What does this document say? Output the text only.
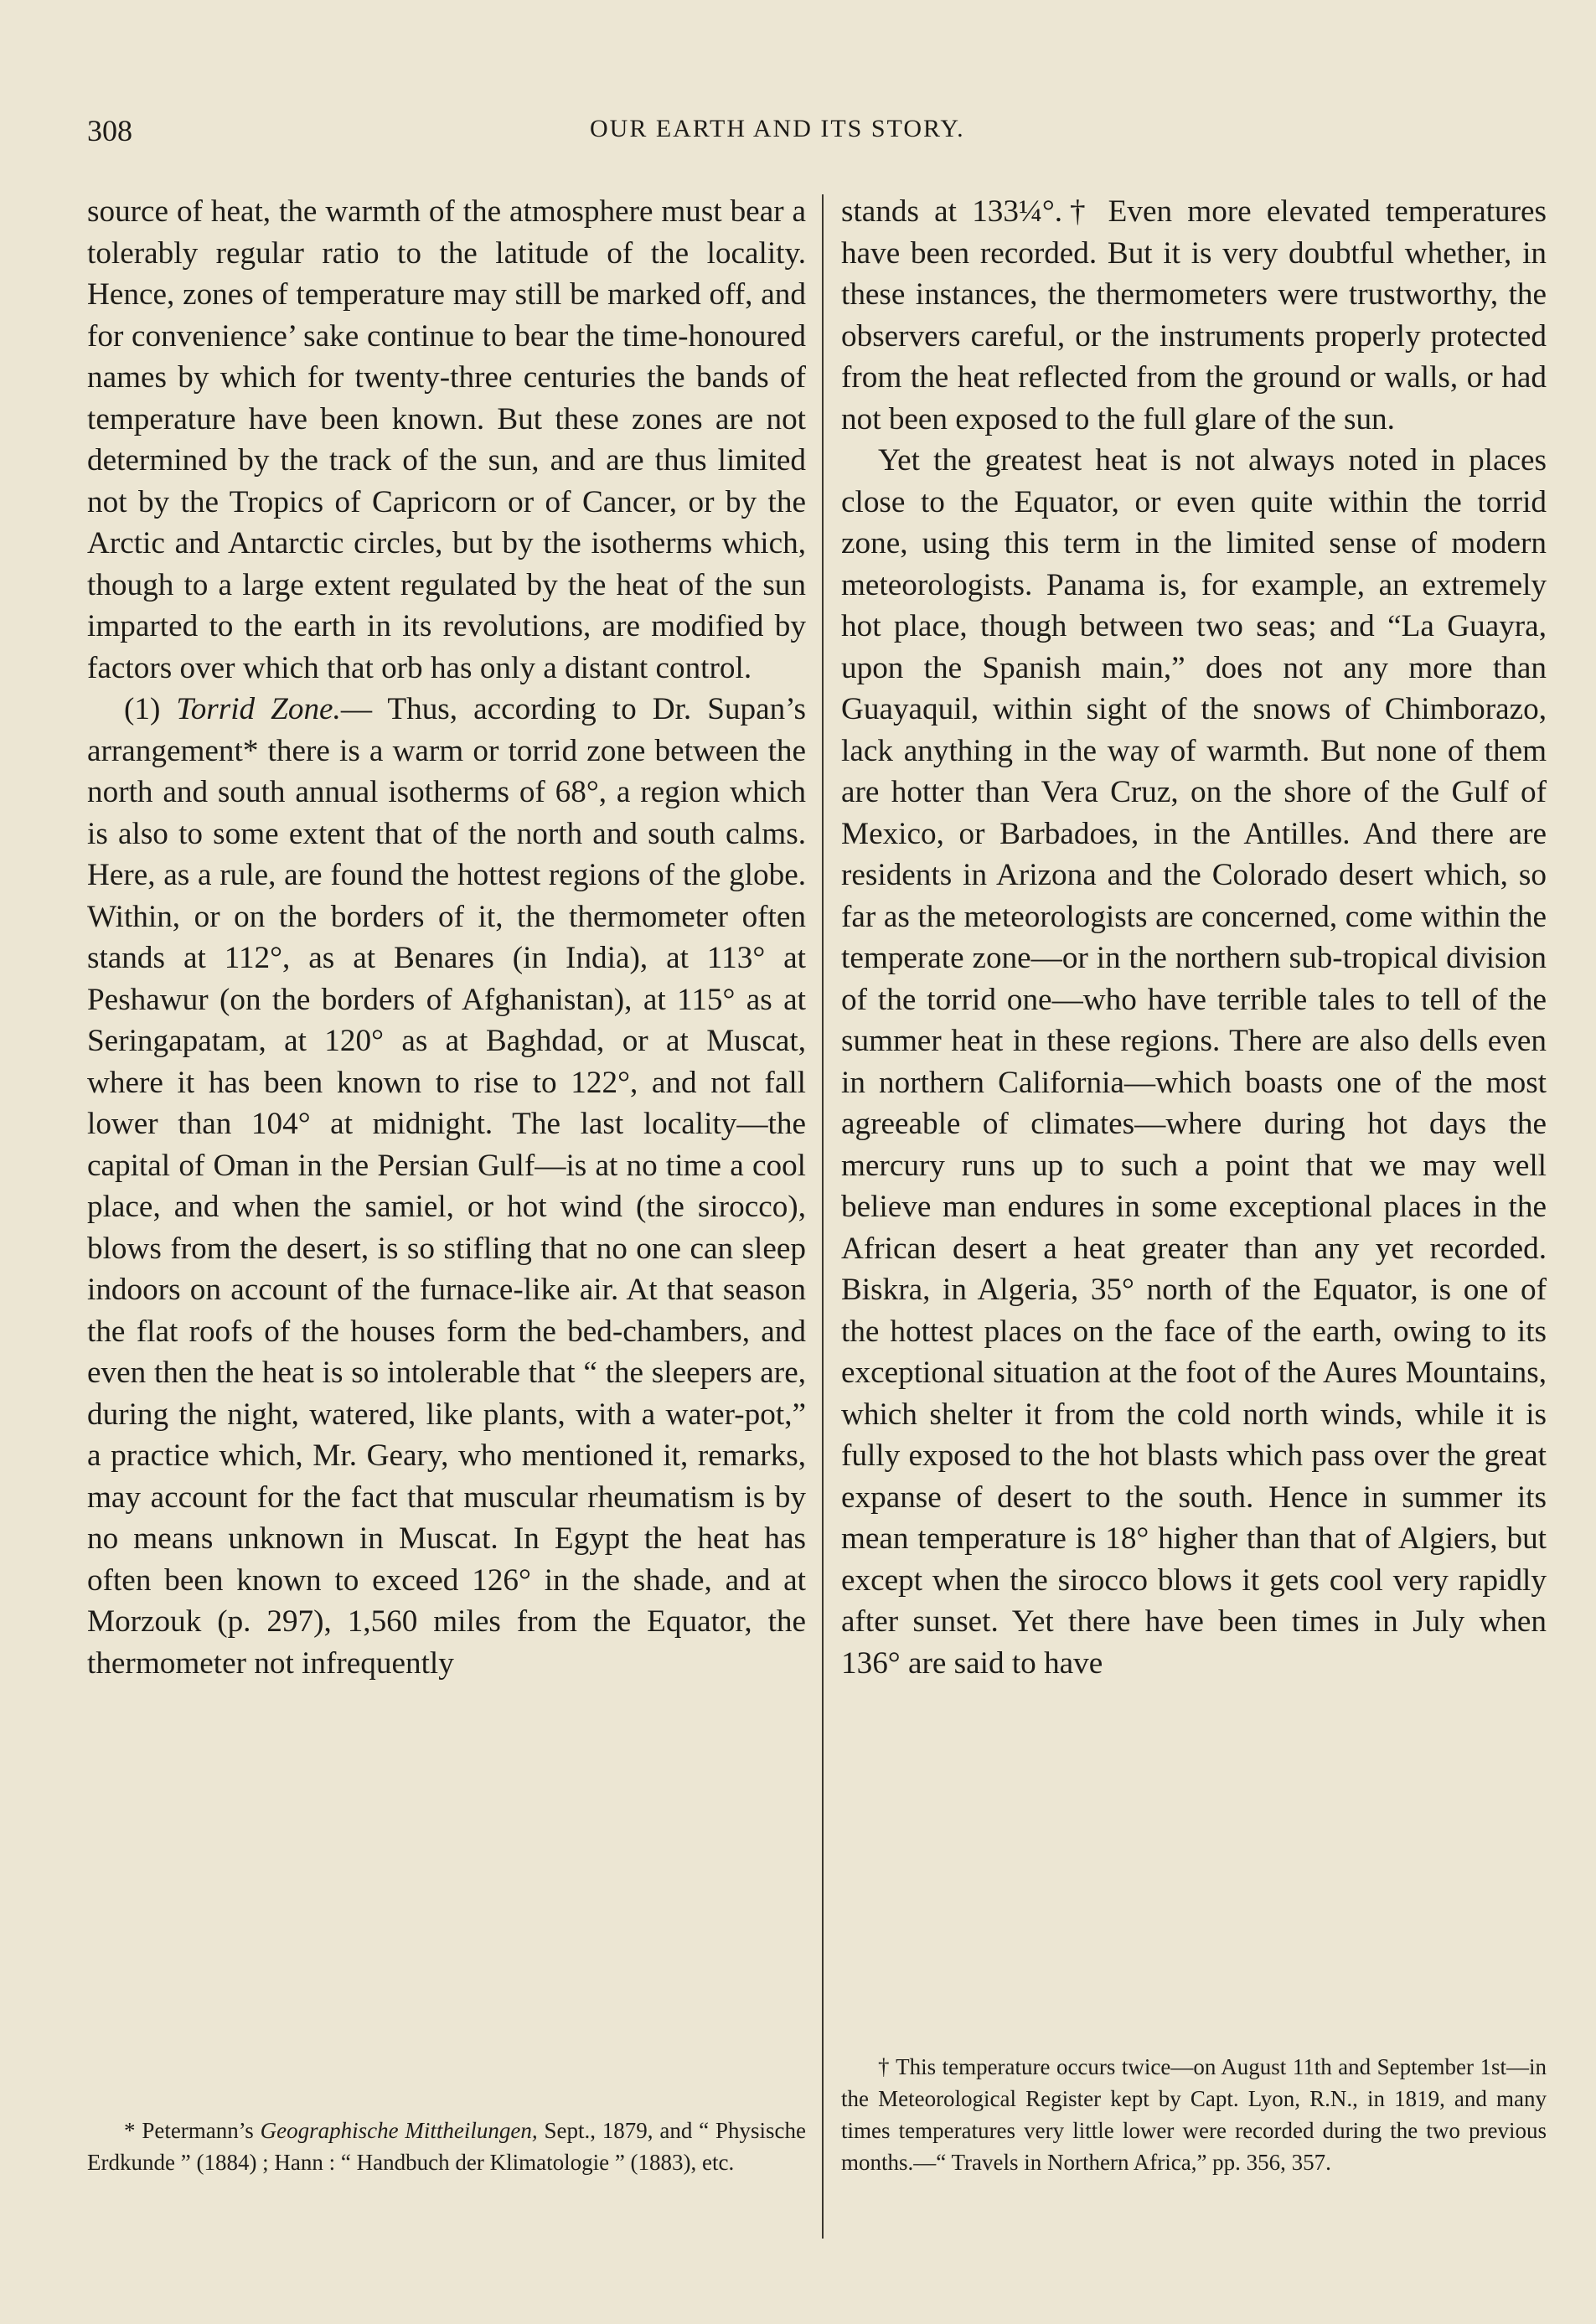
308	OUR EARTH AND ITS STORY.

source of heat, the warmth of the atmosphere must bear a tolerably regular ratio to the latitude of the locality. Hence, zones of temperature may still be marked off, and for convenience’ sake continue to bear the time-honoured names by which for twenty-three centuries the bands of temperature have been known. But these zones are not determined by the track of the sun, and are thus limited not by the Tropics of Capricorn or of Cancer, or by the Arctic and Antarctic circles, but by the isotherms which, though to a large extent regulated by the heat of the sun imparted to the earth in its revolutions, are modified by factors over which that orb has only a distant control.

(1) Torrid Zone.— Thus, according to Dr. Supan’s arrangement* there is a warm or torrid zone between the north and south annual isotherms of 68°, a region which is also to some extent that of the north and south calms. Here, as a rule, are found the hottest regions of the globe. Within, or on the borders of it, the thermometer often stands at 112°, as at Benares (in India), at 113° at Peshawur (on the borders of Afghanistan), at 115° as at Seringapatam, at 120° as at Baghdad, or at Muscat, where it has been known to rise to 122°, and not fall lower than 104° at midnight. The last locality—the capital of Oman in the Persian Gulf—is at no time a cool place, and when the samiel, or hot wind (the sirocco), blows from the desert, is so stifling that no one can sleep indoors on account of the furnace-like air. At that season the flat roofs of the houses form the bed-chambers, and even then the heat is so intolerable that “ the sleepers are, during the night, watered, like plants, with a water-pot,” a practice which, Mr. Geary, who mentioned it, remarks, may account for the fact that muscular rheumatism is by no means unknown in Muscat. In Egypt the heat has often been known to exceed 126° in the shade, and at Morzouk (p. 297), 1,560 miles from the Equator, the thermometer not infrequently

stands at 133¼°.† Even more elevated temperatures have been recorded. But it is very doubtful whether, in these instances, the thermometers were trustworthy, the observers careful, or the instruments properly protected from the heat reflected from the ground or walls, or had not been exposed to the full glare of the sun.

Yet the greatest heat is not always noted in places close to the Equator, or even quite within the torrid zone, using this term in the limited sense of modern meteorologists. Panama is, for example, an extremely hot place, though between two seas; and “La Guayra, upon the Spanish main,” does not any more than Guayaquil, within sight of the snows of Chimborazo, lack anything in the way of warmth. But none of them are hotter than Vera Cruz, on the shore of the Gulf of Mexico, or Barbadoes, in the Antilles. And there are residents in Arizona and the Colorado desert which, so far as the meteorologists are concerned, come within the temperate zone—or in the northern sub-tropical division of the torrid one—who have terrible tales to tell of the summer heat in these regions. There are also dells even in northern California—which boasts one of the most agreeable of climates—where during hot days the mercury runs up to such a point that we may well believe man endures in some exceptional places in the African desert a heat greater than any yet recorded. Biskra, in Algeria, 35° north of the Equator, is one of the hottest places on the face of the earth, owing to its exceptional situation at the foot of the Aures Mountains, which shelter it from the cold north winds, while it is fully exposed to the hot blasts which pass over the great expanse of desert to the south. Hence in summer its mean temperature is 18° higher than that of Algiers, but except when the sirocco blows it gets cool very rapidly after sunset. Yet there have been times in July when 136° are said to have

* Petermann’s Geographische Mittheilungen, Sept., 1879, and “ Physische Erdkunde ” (1884) ; Hann : “ Handbuch der Klimatologie ” (1883), etc.

† This temperature occurs twice—on August 11th and September 1st—in the Meteorological Register kept by Capt. Lyon, R.N., in 1819, and many times temperatures very little lower were recorded during the two previous months.—“ Travels in Northern Africa,” pp. 356, 357.
